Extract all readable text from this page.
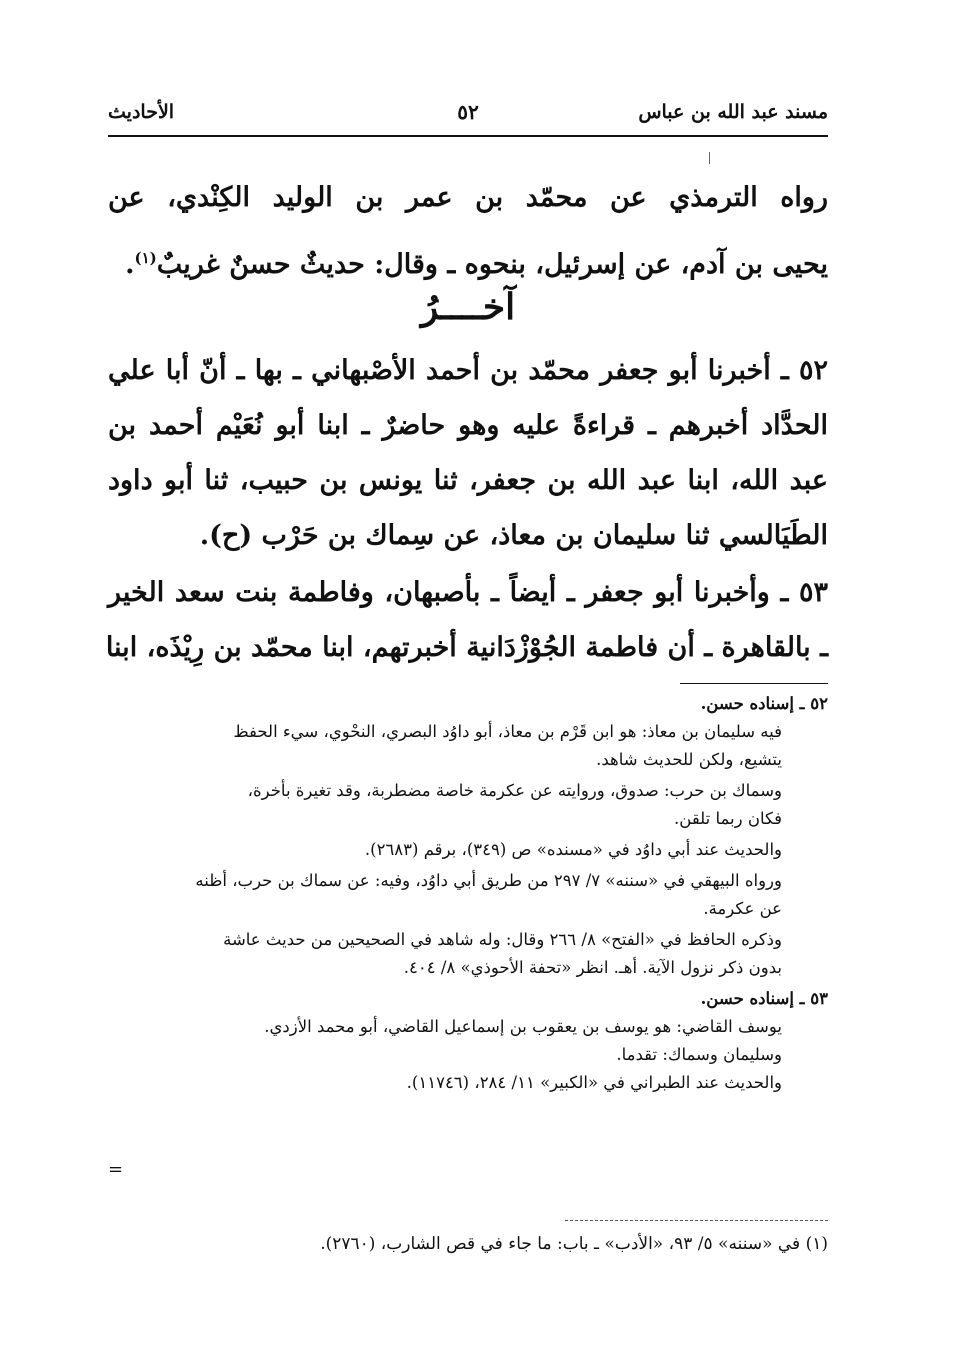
مسند عبد الله بن عباس
٥٢
الأحاديث
رواه الترمذي عن محمّد بن عمر بن الوليد الكِنْدي، عن
يحيى بن آدم، عن إسرئيل، بنحوه ـ وقال: حديثٌ حسنٌ غريبٌ$^{(١)}$.
آخــــرُ
٥٢ ـ أخبرنا أبو جعفر محمّد بن أحمد الأصْبهاني ـ بها ـ أنّ أبا علي
الحدَّاد أخبرهم ـ قراءةً عليه وهو حاضرٌ ـ ابنا أبو نُعَيْم أحمد بن
عبد الله، ابنا عبد الله بن جعفر، ثنا يونس بن حبيب، ثنا أبو داود
الطَيَالسي ثنا سليمان بن معاذ، عن سِماك بن حَرْب (ح).
٥٣ ـ وأخبرنا أبو جعفر ـ أيضاً ـ بأصبهان، وفاطمة بنت سعد الخير
ـ بالقاهرة ـ أن فاطمة الجُوْزْدَانية أخبرتهم، ابنا محمّد بن رِيْذَه، ابنا
٥٢ ـ إسناده حسن.
فيه سليمان بن معاذ: هو ابن قَرْم بن معاذ، أبو داوُد البصري، النحْوي، سيء الحفظ
يتشيع، ولكن للحديث شاهد.
وسماك بن حرب: صدوق، وروايته عن عكرمة خاصة مضطربة، وقد تغيرة بأخرة،
فكان ربما تلقن.
والحديث عند أبي داوُد في «مسنده» ص (٣٤٩)، برقم (٢٦٨٣).
ورواه البيهقي في «سننه» ٧/ ٢٩٧ من طريق أبي داوُد، وفيه: عن سماك بن حرب، أظنه
عن عكرمة.
وذكره الحافظ في «الفتح» ٨/ ٢٦٦ وقال: وله شاهد في الصحيحين من حديث عاشة
بدون ذكر نزول الآية. أهـ. انظر «تحفة الأحوذي» ٨/ ٤٠٤.
٥٣ ـ إسناده حسن.
يوسف القاضي: هو يوسف بن يعقوب بن إسماعيل القاضي، أبو محمد الأزدي.
وسليمان وسماك: تقدما.
والحديث عند الطبراني في «الكبير» ١١/ ٢٨٤، (١١٧٤٦).
=
(١) في «سننه» ٥/ ٩٣، «الأدب» ـ باب: ما جاء في قص الشارب، (٢٧٦٠).
